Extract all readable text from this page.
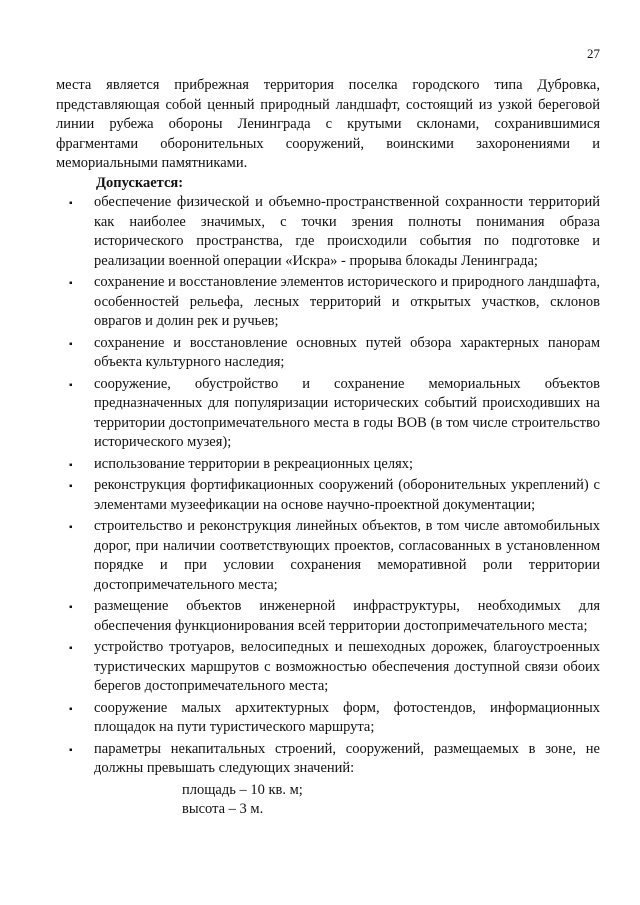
27

места является прибрежная территория поселка городского типа Дубровка, представляющая собой ценный природный ландшафт, состоящий из узкой береговой линии рубежа обороны Ленинграда с крутыми склонами, сохранившимися фрагментами оборонительных сооружений, воинскими захоронениями и мемориальными памятниками.

Допускается:

▪ обеспечение физической и объемно-пространственной сохранности территорий как наиболее значимых, с точки зрения полноты понимания образа исторического пространства, где происходили события по подготовке и реализации военной операции «Искра» - прорыва блокады Ленинграда;
▪ сохранение и восстановление элементов исторического и природного ландшафта, особенностей рельефа, лесных территорий и открытых участков, склонов оврагов и долин рек и ручьев;
▪ сохранение и восстановление основных путей обзора характерных панорам объекта культурного наследия;
▪ сооружение, обустройство и сохранение мемориальных объектов предназначенных для популяризации исторических событий происходивших на территории достопримечательного места в годы ВОВ (в том числе строительство исторического музея);
▪ использование территории в рекреационных целях;
▪ реконструкция фортификационных сооружений (оборонительных укреплений) с элементами музеефикации на основе научно-проектной документации;
▪ строительство и реконструкция линейных объектов, в том числе автомобильных дорог, при наличии соответствующих проектов, согласованных в установленном порядке и при условии сохранения меморативной роли территории достопримечательного места;
▪ размещение объектов инженерной инфраструктуры, необходимых для обеспечения функционирования всей территории достопримечательного места;
▪ устройство тротуаров, велосипедных и пешеходных дорожек, благоустроенных туристических маршрутов с возможностью обеспечения доступной связи обоих берегов достопримечательного места;
▪ сооружение малых архитектурных форм, фотостендов, информационных площадок на пути туристического маршрута;
▪ параметры некапитальных строений, сооружений, размещаемых в зоне, не должны превышать следующих значений:

площадь – 10 кв. м;

высота – 3 м.
